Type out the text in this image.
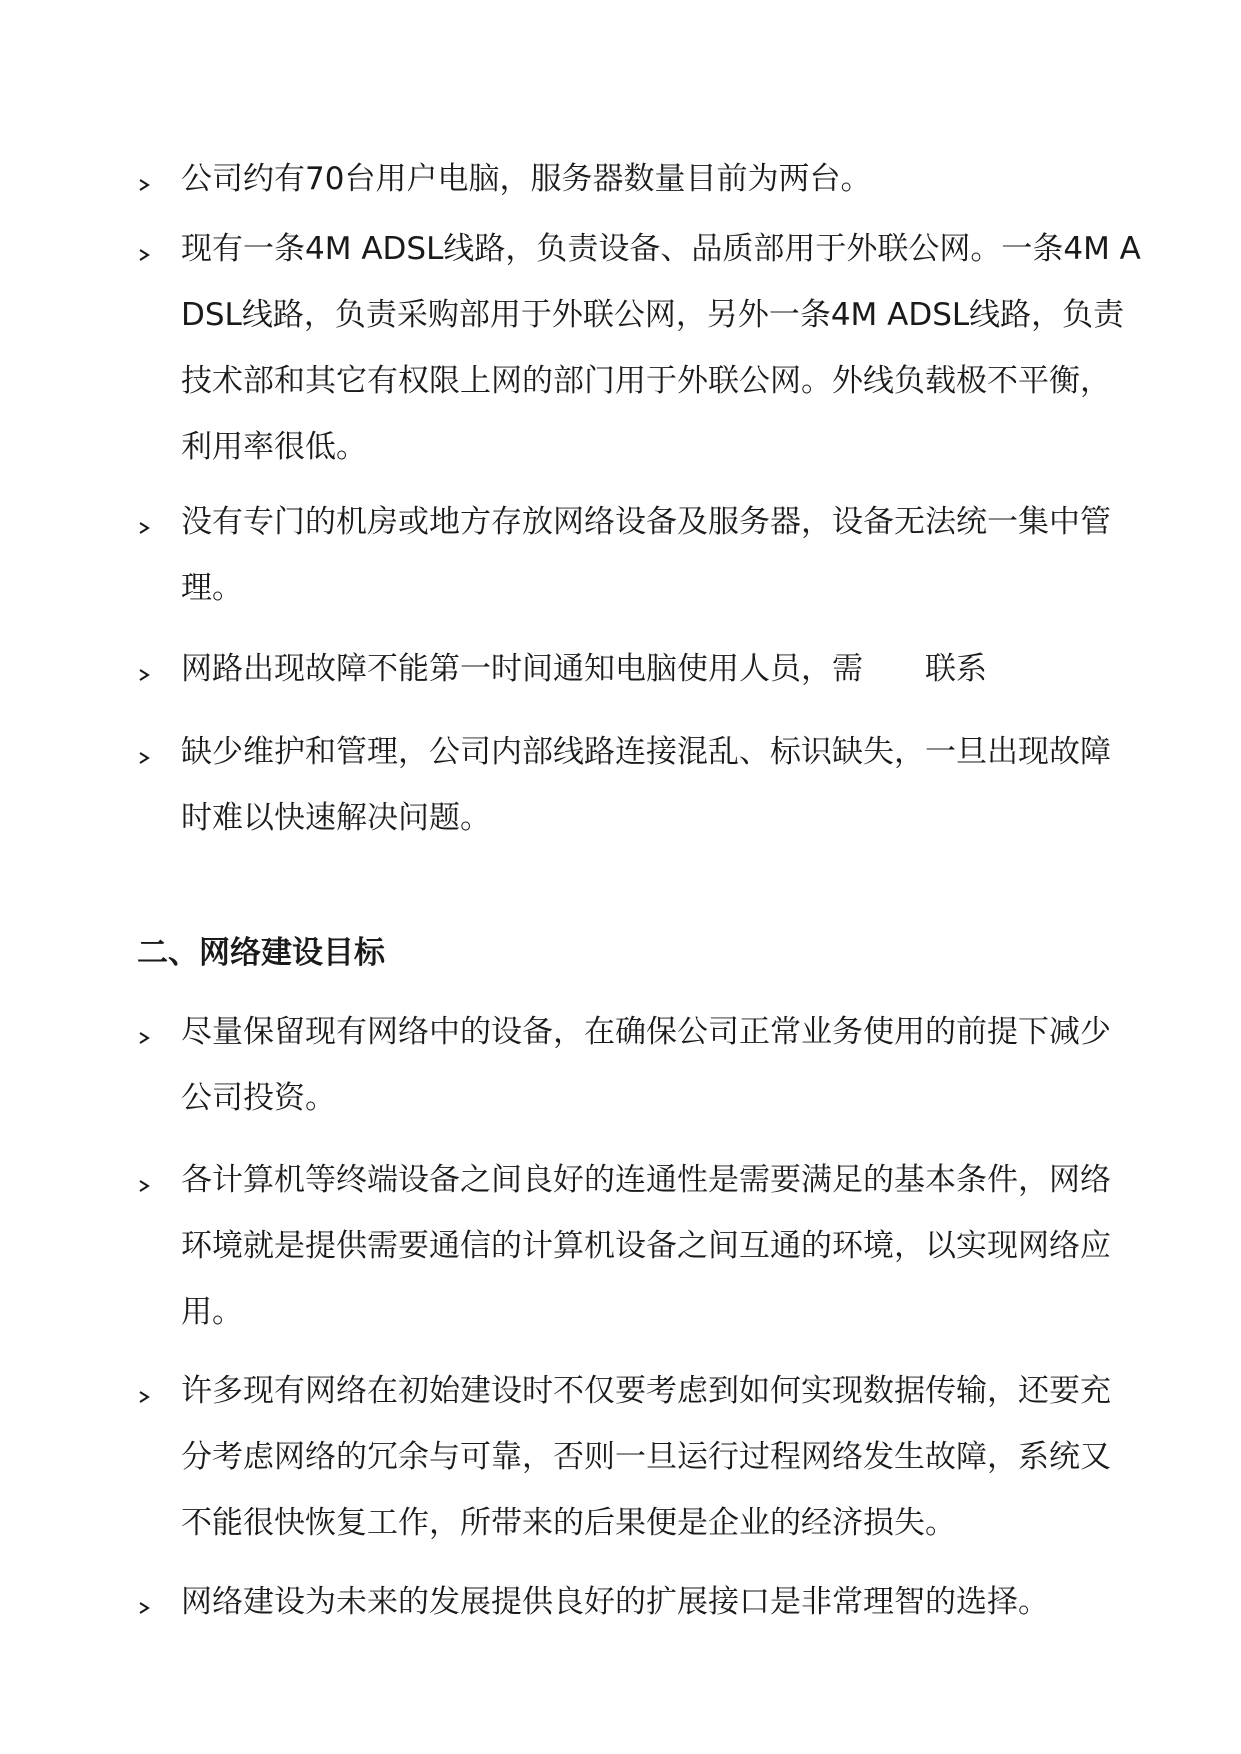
公司约有70台用户电脑，服务器数量目前为两台。
现有一条4M ADSL线路，负责设备、品质部用于外联公网。一条4M ADSL线路，负责采购部用于外联公网，另外一条4M ADSL线路，负责技术部和其它有权限上网的部门用于外联公网。外线负载极不平衡，利用率很低。
没有专门的机房或地方存放网络设备及服务器，设备无法统一集中管理。
网路出现故障不能第一时间通知电脑使用人员，需　　联系
缺少维护和管理，公司内部线路连接混乱、标识缺失，一旦出现故障时难以快速解决问题。
二、网络建设目标
尽量保留现有网络中的设备，在确保公司正常业务使用的前提下减少公司投资。
各计算机等终端设备之间良好的连通性是需要满足的基本条件，网络环境就是提供需要通信的计算机设备之间互通的环境，以实现网络应用。
许多现有网络在初始建设时不仅要考虑到如何实现数据传输，还要充分考虑网络的冗余与可靠，否则一旦运行过程网络发生故障，系统又不能很快恢复工作，所带来的后果便是企业的经济损失。
网络建设为未来的发展提供良好的扩展接口是非常理智的选择。
